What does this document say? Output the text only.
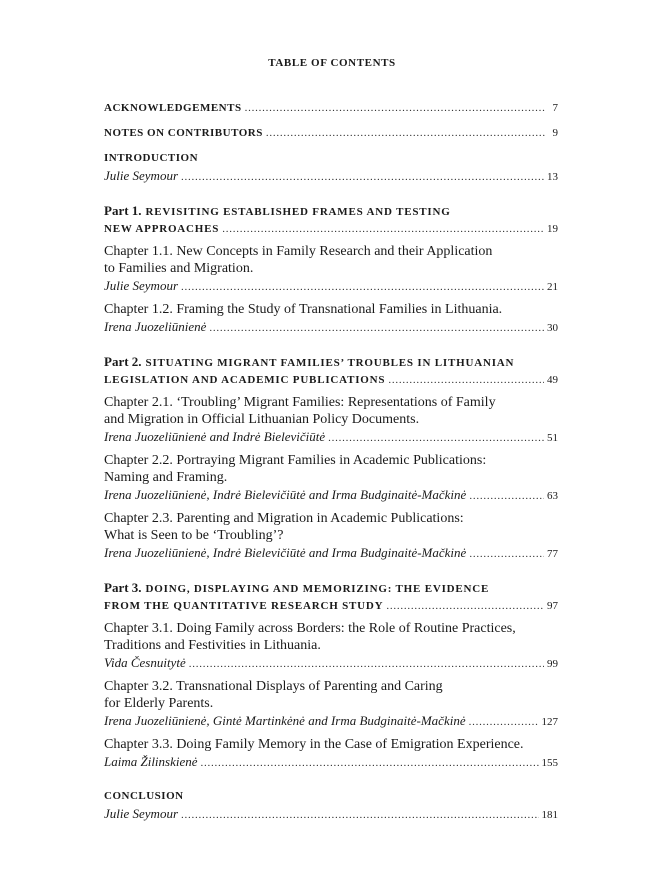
TABLE OF CONTENTS
ACKNOWLEDGEMENTS . . .	7
NOTES ON CONTRIBUTORS . . .	9
INTRODUCTION
Julie Seymour . . .	13
Part 1.
REVISITING ESTABLISHED FRAMES AND TESTING
NEW APPROACHES . . .	19
Chapter 1.1. New Concepts in Family Research and their Application
to Families and Migration.
Julie Seymour . . .	21
Chapter 1.2. Framing the Study of Transnational Families in Lithuania.
Irena Juozeliūnienė . . .	30
Part 2.
SITUATING MIGRANT FAMILIES’ TROUBLES IN LITHUANIAN
LEGISLATION AND ACADEMIC PUBLICATIONS . . .	49
Chapter 2.1. ‘Troubling’ Migrant Families: Representations of Family
and Migration in Official Lithuanian Policy Documents.
Irena Juozeliūnienė and Indrė Bielevičiūtė . . .	51
Chapter 2.2. Portraying Migrant Families in Academic Publications:
Naming and Framing.
Irena Juozeliūnienė, Indrė Bielevičiūtė and Irma Budginaitė-Mačkinė . . .	63
Chapter 2.3. Parenting and Migration in Academic Publications:
What is Seen to be ‘Troubling’?
Irena Juozeliūnienė, Indrė Bielevičiūtė and Irma Budginaitė-Mačkinė . . .	77
Part 3.
DOING, DISPLAYING AND MEMORIZING: THE EVIDENCE
FROM THE QUANTITATIVE RESEARCH STUDY . . .	97
Chapter 3.1. Doing Family across Borders: the Role of Routine Practices,
Traditions and Festivities in Lithuania.
Vida Česnuitytė . . .	99
Chapter 3.2. Transnational Displays of Parenting and Caring
for Elderly Parents.
Irena Juozeliūnienė, Gintė Martinkėnė and Irma Budginaitė-Mačkinė . . .	127
Chapter 3.3. Doing Family Memory in the Case of Emigration Experience.
Laima Žilinskienė . . .	155
CONCLUSION
Julie Seymour . . .	181
